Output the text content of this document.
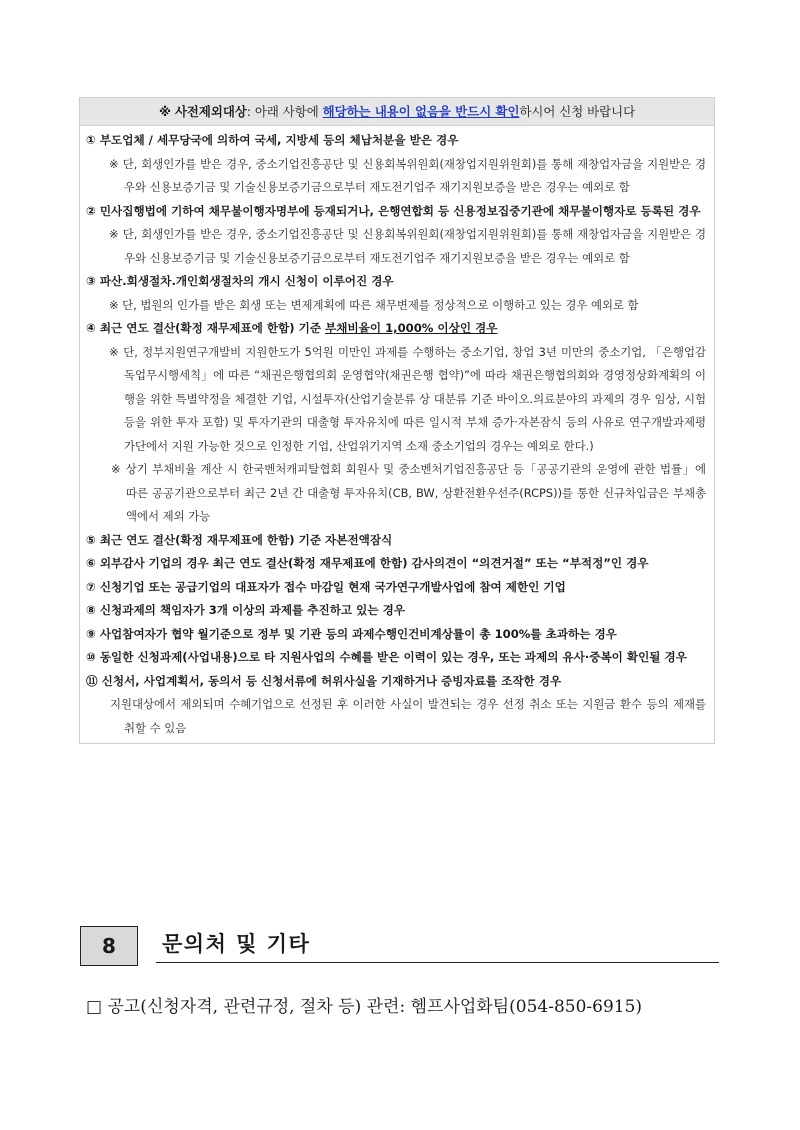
※ 사전제외대상: 아래 사항에 해당하는 내용이 없음을 반드시 확인하시어 신청 바랍니다
① 부도업체 / 세무당국에 의하여 국세, 지방세 등의 체납처분을 받은 경우
※ 단, 회생인가를 받은 경우, 중소기업진흥공단 및 신용회복위원회(재창업지원위원회)를 통해 재창업자금을 지원받은 경우와 신용보증기금 및 기술신용보증기금으로부터 재도전기업주 재기지원보증을 받은 경우는 예외로 함
② 민사집행법에 기하여 채무불이행자명부에 등재되거나, 은행연합회 등 신용정보집중기관에 채무불이행자로 등록된 경우
※ 단, 회생인가를 받은 경우, 중소기업진흥공단 및 신용회복위원회(재창업지원위원회)를 통해 재창업자금을 지원받은 경우와 신용보증기금 및 기술신용보증기금으로부터 재도전기업주 재기지원보증을 받은 경우는 예외로 함
③ 파산.회생절차.개인회생절차의 개시 신청이 이루어진 경우
※ 단, 법원의 인가를 받은 회생 또는 변제계획에 따른 채무변제를 정상적으로 이행하고 있는 경우 예외로 함
④ 최근 연도 결산(확정 재무제표에 한함) 기준 부채비율이 1,000% 이상인 경우
※ 단, 정부지원연구개발비 지원한도가 5억원 미만인 과제를 수행하는 중소기업, 창업 3년 미만의 중소기업, 「은행업감독업무시행세칙」에 따른 “채권은행협의회 운영협약(채권은행 협약)”에 따라 채권은행협의회와 경영정상화계획의 이행을 위한 특별약정을 체결한 기업, 시설투자(산업기술분류 상 대분류 기준 바이오.의료분야의 과제의 경우 임상, 시험 등을 위한 투자 포함) 및 투자기관의 대출형 투자유치에 따른 일시적 부채 증가·자본잠식 등의 사유로 연구개발과제평가단에서 지원 가능한 것으로 인정한 기업, 산업위기지역 소재 중소기업의 경우는 예외로 한다.)
※ 상기 부채비율 계산 시 한국벤처캐피탈협회 회원사 및 중소벤처기업진흥공단 등「공공기관의 운영에 관한 법률」에 따른 공공기관으로부터 최근 2년 간 대출형 투자유치(CB, BW, 상환전환우선주(RCPS))를 통한 신규차입금은 부채총액에서 제외 가능
⑤ 최근 연도 결산(확정 재무제표에 한함) 기준 자본전액잠식
⑥ 외부감사 기업의 경우 최근 연도 결산(확정 재무제표에 한함) 감사의견이 “의견거절” 또는 “부적정”인 경우
⑦ 신청기업 또는 공급기업의 대표자가 접수 마감일 현재 국가연구개발사업에 참여 제한인 기업
⑧ 신청과제의 책임자가 3개 이상의 과제를 추진하고 있는 경우
⑨ 사업참여자가 협약 월기준으로 정부 및 기관 등의 과제수행인건비계상률이 총 100%를 초과하는 경우
⑩ 동일한 신청과제(사업내용)으로 타 지원사업의 수혜를 받은 이력이 있는 경우, 또는 과제의 유사·중복이 확인될 경우
⑪ 신청서, 사업계획서, 동의서 등 신청서류에 허위사실을 기재하거나 증빙자료를 조작한 경우
지원대상에서 제외되며 수혜기업으로 선정된 후 이러한 사실이 발견되는 경우 선정 취소 또는 지원금 환수 등의 제재를 취할 수 있음
8	문의처 및 기타
□ 공고(신청자격, 관련규정, 절차 등) 관련: 헴프사업화팀(054-850-6915)
